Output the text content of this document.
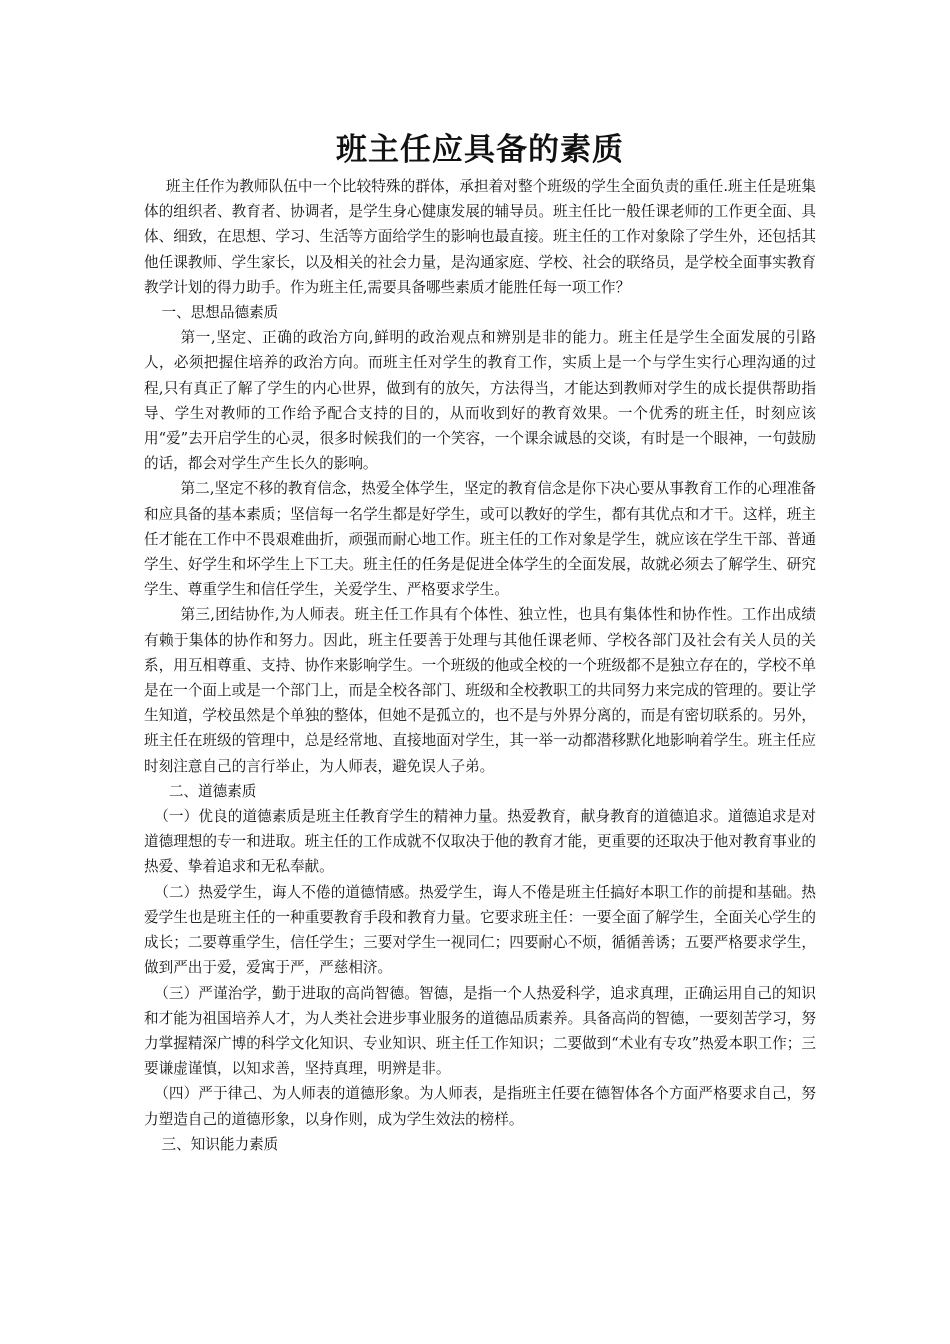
班主任应具备的素质

班主任作为教师队伍中一个比较特殊的群体，承担着对整个班级的学生全面负责的重任.班主任是班集体的组织者、教育者、协调者，是学生身心健康发展的辅导员。班主任比一般任课老师的工作更全面、具体、细致，在思想、学习、生活等方面给学生的影响也最直接。班主任的工作对象除了学生外，还包括其他任课教师、学生家长，以及相关的社会力量，是沟通家庭、学校、社会的联络员，是学校全面事实教育教学计划的得力助手。作为班主任,需要具备哪些素质才能胜任每一项工作？

一、思想品德素质

第一,坚定、正确的政治方向,鲜明的政治观点和辨别是非的能力。班主任是学生全面发展的引路人，必须把握住培养的政治方向。而班主任对学生的教育工作，实质上是一个与学生实行心理沟通的过程,只有真正了解了学生的内心世界，做到有的放矢，方法得当，才能达到教师对学生的成长提供帮助指导、学生对教师的工作给予配合支持的目的，从而收到好的教育效果。一个优秀的班主任，时刻应该用“爱”去开启学生的心灵，很多时候我们的一个笑容，一个课余诚恳的交谈，有时是一个眼神，一句鼓励的话，都会对学生产生长久的影响。

第二,坚定不移的教育信念，热爱全体学生，坚定的教育信念是你下决心要从事教育工作的心理准备和应具备的基本素质；坚信每一名学生都是好学生，或可以教好的学生，都有其优点和才干。这样，班主任才能在工作中不畏艰难曲折，顽强而耐心地工作。班主任的工作对象是学生，就应该在学生干部、普通学生、好学生和坏学生上下工夫。班主任的任务是促进全体学生的全面发展，故就必须去了解学生、研究学生、尊重学生和信任学生，关爱学生、严格要求学生。

第三,团结协作,为人师表。班主任工作具有个体性、独立性，也具有集体性和协作性。工作出成绩有赖于集体的协作和努力。因此，班主任要善于处理与其他任课老师、学校各部门及社会有关人员的关系，用互相尊重、支持、协作来影响学生。一个班级的他或全校的一个班级都不是独立存在的，学校不单是在一个面上或是一个部门上，而是全校各部门、班级和全校教职工的共同努力来完成的管理的。要让学生知道，学校虽然是个单独的整体，但她不是孤立的，也不是与外界分离的，而是有密切联系的。另外，班主任在班级的管理中，总是经常地、直接地面对学生，其一举一动都潜移默化地影响着学生。班主任应时刻注意自己的言行举止，为人师表，避免误人子弟。

二、道德素质

（一）优良的道德素质是班主任教育学生的精神力量。热爱教育，献身教育的道德追求。道德追求是对道德理想的专一和进取。班主任的工作成就不仅取决于他的教育才能，更重要的还取决于他对教育事业的热爱、挚着追求和无私奉献。

（二）热爱学生，诲人不倦的道德情感。热爱学生，诲人不倦是班主任搞好本职工作的前提和基础。热爱学生也是班主任的一种重要教育手段和教育力量。它要求班主任：一要全面了解学生，全面关心学生的成长；二要尊重学生，信任学生；三要对学生一视同仁；四要耐心不烦，循循善诱；五要严格要求学生，做到严出于爱，爱寓于严，严慈相济。

（三）严谨治学，勤于进取的高尚智德。智德，是指一个人热爱科学，追求真理，正确运用自己的知识和才能为祖国培养人才，为人类社会进步事业服务的道德品质素养。具备高尚的智德，一要刻苦学习，努力掌握精深广博的科学文化知识、专业知识、班主任工作知识；二要做到“术业有专攻”热爱本职工作；三要谦虚谨慎，以知求善，坚持真理，明辨是非。

（四）严于律己、为人师表的道德形象。为人师表，是指班主任要在德智体各个方面严格要求自己，努力塑造自己的道德形象，以身作则，成为学生效法的榜样。

三、知识能力素质
